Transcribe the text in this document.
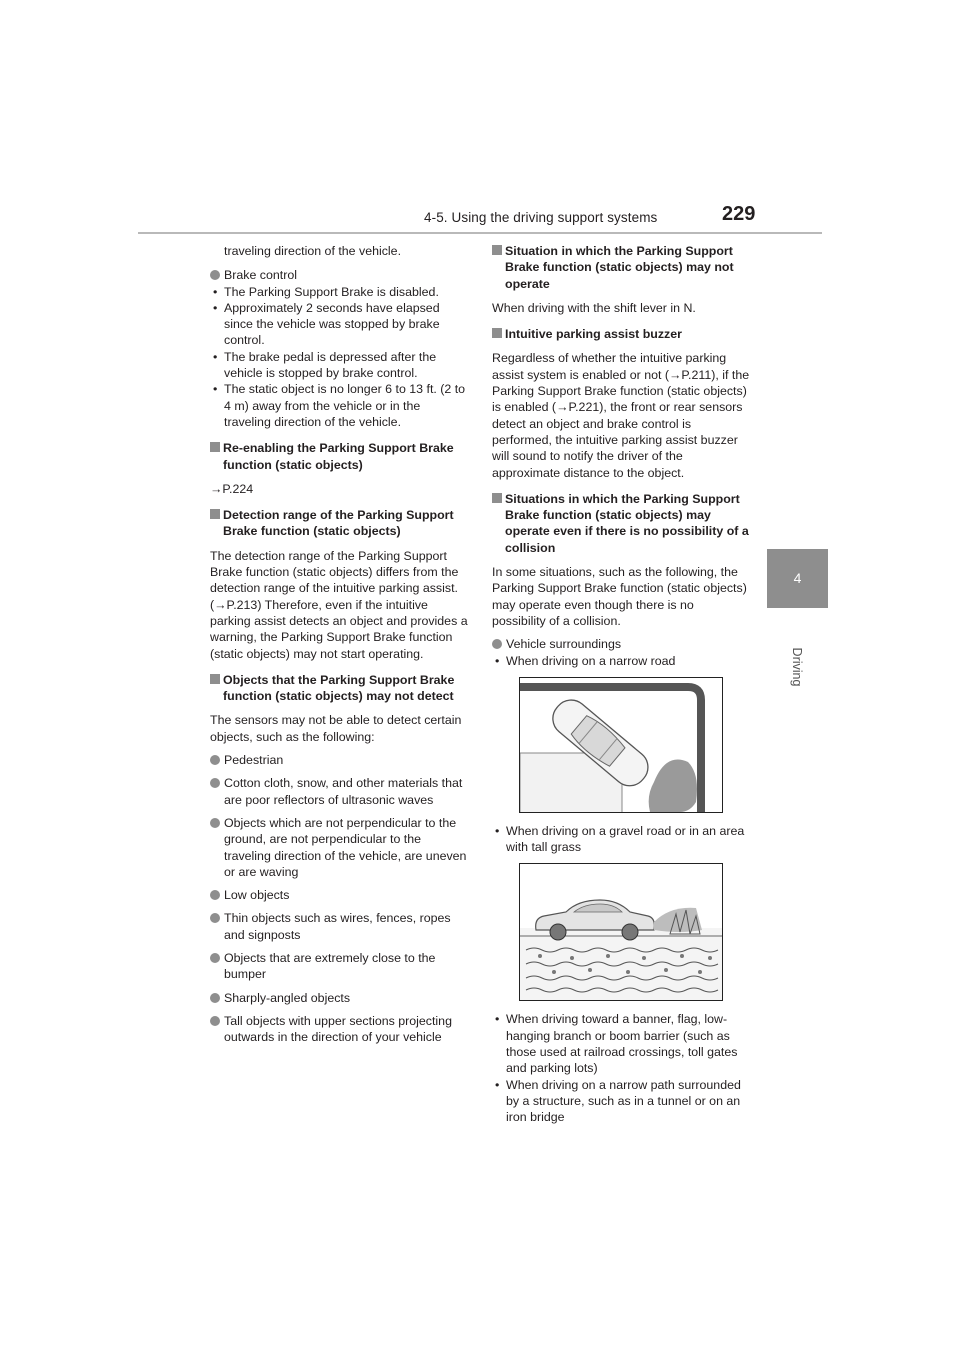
4-5. Using the driving support systems	229
4
Driving

traveling direction of the vehicle.

Brake control
• The Parking Support Brake is disabled.
• Approximately 2 seconds have elapsed since the vehicle was stopped by brake control.
• The brake pedal is depressed after the vehicle is stopped by brake control.
• The static object is no longer 6 to 13 ft. (2 to 4 m) away from the vehicle or in the traveling direction of the vehicle.
Re-enabling the Parking Support Brake function (static objects)

→P.224

Detection range of the Parking Support Brake function (static objects)

The detection range of the Parking Support Brake function (static objects) differs from the detection range of the intuitive parking assist. (→P.213) Therefore, even if the intuitive parking assist detects an object and provides a warning, the Parking Support Brake function (static objects) may not start operating.

Objects that the Parking Support Brake function (static objects) may not detect

The sensors may not be able to detect certain objects, such as the following:

Pedestrian
Cotton cloth, snow, and other materials that are poor reflectors of ultrasonic waves
Objects which are not perpendicular to the ground, are not perpendicular to the traveling direction of the vehicle, are uneven or are waving
Low objects
Thin objects such as wires, fences, ropes and signposts
Objects that are extremely close to the bumper
Sharply-angled objects
Tall objects with upper sections projecting outwards in the direction of your vehicle
Situation in which the Parking Support Brake function (static objects) may not operate

When driving with the shift lever in N.

Intuitive parking assist buzzer

Regardless of whether the intuitive parking assist system is enabled or not (→P.211), if the Parking Support Brake function (static objects) is enabled (→P.221), the front or rear sensors detect an object and brake control is performed, the intuitive parking assist buzzer will sound to notify the driver of the approximate distance to the object.

Situations in which the Parking Support Brake function (static objects) may operate even if there is no possibility of a collision

In some situations, such as the following, the Parking Support Brake function (static objects) may operate even though there is no possibility of a collision.

Vehicle surroundings
• When driving on a narrow road
• When driving on a gravel road or in an area with tall grass
• When driving toward a banner, flag, low-hanging branch or boom barrier (such as those used at railroad crossings, toll gates and parking lots)
• When driving on a narrow path surrounded by a structure, such as in a tunnel or on an iron bridge
